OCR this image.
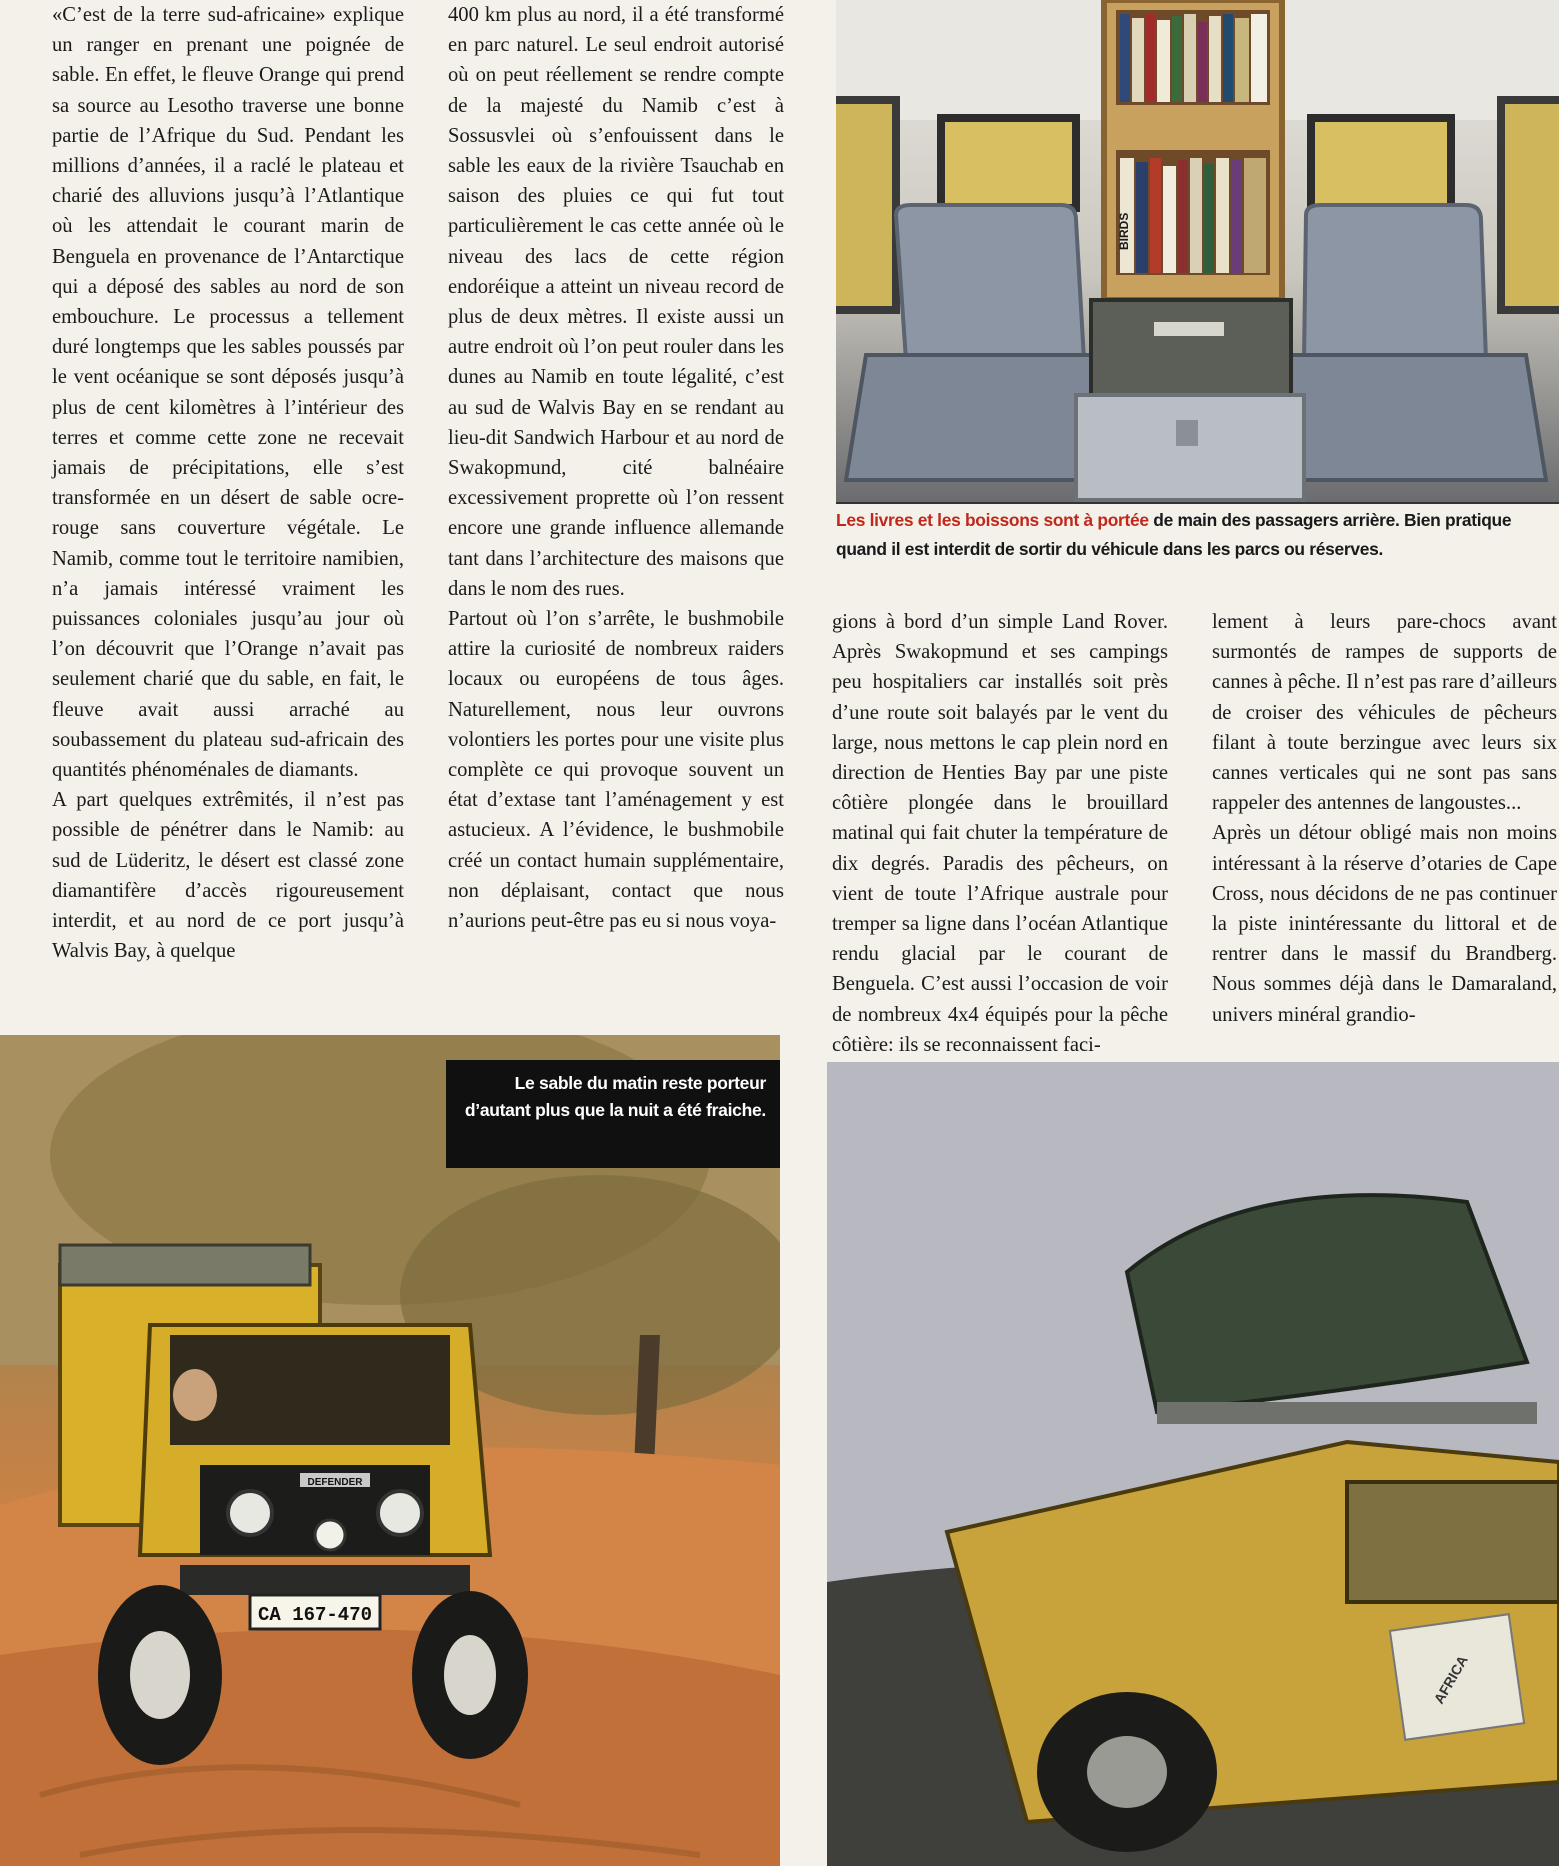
BIRDS
Les livres et les boissons sont à portée de main des passagers arrière. Bien pratique quand il est interdit de sortir du véhicule dans les parcs ou réserves.

«C’est de la terre sud-africaine» explique un ranger en prenant une poignée de sable. En effet, le fleuve Orange qui prend sa source au Lesotho traverse une bonne partie de l’Afrique du Sud. Pendant les millions d’années, il a raclé le plateau et charié des alluvions jusqu’à l’Atlantique où les attendait le courant marin de Benguela en provenance de l’Antarctique qui a déposé des sables au nord de son embouchure. Le processus a tellement duré longtemps que les sables poussés par le vent océanique se sont déposés jusqu’à plus de cent kilomètres à l’intérieur des terres et comme cette zone ne recevait jamais de précipitations, elle s’est transformée en un désert de sable ocre-rouge sans couverture végétale. Le Namib, comme tout le territoire namibien, n’a jamais intéressé vraiment les puissances coloniales jusqu’au jour où l’on découvrit que l’Orange n’avait pas seulement charié que du sable, en fait, le fleuve avait aussi arraché au soubassement du plateau sud-africain des quantités phénoménales de diamants.

A part quelques extrêmités, il n’est pas possible de pénétrer dans le Namib: au sud de Lüderitz, le désert est classé zone diamantifère d’accès rigoureusement interdit, et au nord de ce port jusqu’à Walvis Bay, à quelque

400 km plus au nord, il a été transformé en parc naturel. Le seul endroit autorisé où on peut réellement se rendre compte de la majesté du Namib c’est à Sossusvlei où s’enfouissent dans le sable les eaux de la rivière Tsauchab en saison des pluies ce qui fut tout particulièrement le cas cette année où le niveau des lacs de cette région endoréique a atteint un niveau record de plus de deux mètres. Il existe aussi un autre endroit où l’on peut rouler dans les dunes au Namib en toute légalité, c’est au sud de Walvis Bay en se rendant au lieu-dit Sandwich Harbour et au nord de Swakopmund, cité balnéaire excessivement proprette où l’on ressent encore une grande influence allemande tant dans l’architecture des maisons que dans le nom des rues.

Partout où l’on s’arrête, le bushmobile attire la curiosité de nombreux raiders locaux ou européens de tous âges. Naturellement, nous leur ouvrons volontiers les portes pour une visite plus complète ce qui provoque souvent un état d’extase tant l’aménagement y est astucieux. A l’évidence, le bushmobile créé un contact humain supplémentaire, non déplaisant, contact que nous n’aurions peut-être pas eu si nous voya-

gions à bord d’un simple Land Rover. Après Swakopmund et ses campings peu hospitaliers car installés soit près d’une route soit balayés par le vent du large, nous mettons le cap plein nord en direction de Henties Bay par une piste côtière plongée dans le brouillard matinal qui fait chuter la température de dix degrés. Paradis des pêcheurs, on vient de toute l’Afrique australe pour tremper sa ligne dans l’océan Atlantique rendu glacial par le courant de Benguela. C’est aussi l’occasion de voir de nombreux 4x4 équipés pour la pêche côtière: ils se reconnaissent faci-

lement à leurs pare-chocs avant surmontés de rampes de supports de cannes à pêche. Il n’est pas rare d’ailleurs de croiser des véhicules de pêcheurs filant à toute berzingue avec leurs six cannes verticales qui ne sont pas sans rappeler des antennes de langoustes...

Après un détour obligé mais non moins intéressant à la réserve d’otaries de Cape Cross, nous décidons de ne pas continuer la piste inintéressante du littoral et de rentrer dans le massif du Brandberg. Nous sommes déjà dans le Damaraland, univers minéral grandio-

DEFENDER
CA 167-470
Le sable du matin reste porteur d’autant plus que la nuit a été fraiche.
AFRICA
